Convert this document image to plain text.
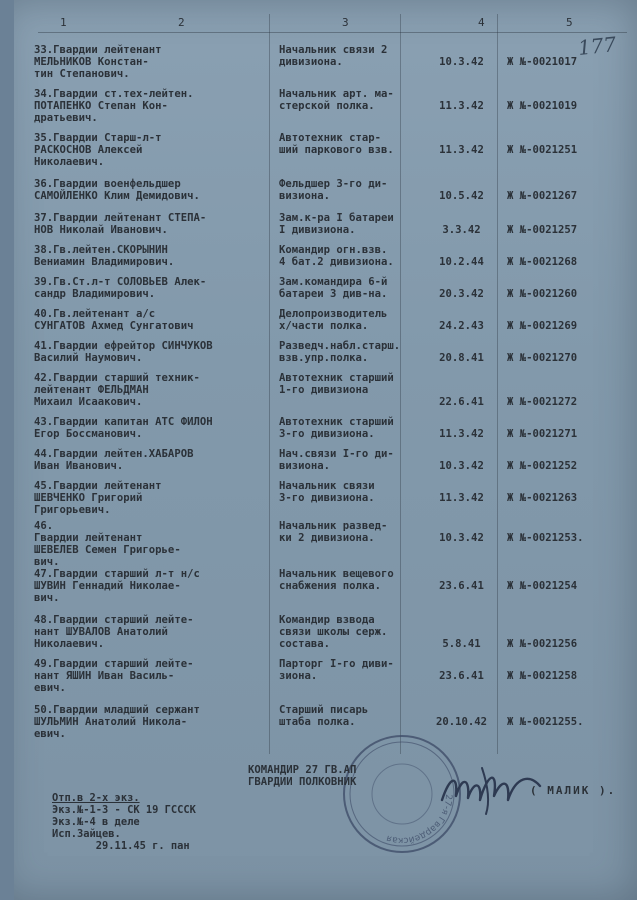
1	2	3	4	5
177
33.Гвардии лейтенант
МЕЛЬНИКОВ Констан-
тин Степанович.
Начальник связи 2
дивизиона.	10.3.42	Ж №-0021017
34.Гвардии ст.тех-лейтен.
ПОТАПЕНКО Степан Кон-
дратьевич.
Начальник арт. ма-
стерской полка.	11.3.42	Ж №-0021019
35.Гвардии Старш-л-т
РАСКОСНОВ Алексей
Николаевич.
Автотехник стар-
ший паркового взв.	11.3.42	Ж №-0021251
36.Гвардии военфельдшер
САМОЙЛЕНКО Клим Демидович.
Фельдшер 3-го ди-
визиона.	10.5.42	Ж №-0021267
37.Гвардии лейтенант СТЕПА-
НОВ Николай Иванович.
Зам.к-ра I батареи
I дивизиона.	3.3.42	Ж №-0021257
38.Гв.лейтен.СКОРЫНИН
Вениамин Владимирович.
Командир огн.взв.
4 бат.2 дивизиона.	10.2.44	Ж №-0021268
39.Гв.Ст.л-т СОЛОВЬЕВ Алек-
сандр Владимирович.
Зам.командира 6-й
батареи 3 див-на.	20.3.42	Ж №-0021260
40.Гв.лейтенант а/с
СУНГАТОВ Ахмед Сунгатович
Делопроизводитель
х/части полка.	24.2.43	Ж №-0021269
41.Гвардии ефрейтор СИНЧУКОВ
Василий Наумович.
Разведч.набл.старш.
взв.упр.полка.	20.8.41	Ж №-0021270
42.Гвардии старший техник-
лейтенант ФЕЛЬДМАН
Михаил Исаакович.
Автотехник старший
1-го дивизиона
22.6.41	Ж №-0021272
43.Гвардии капитан АТС ФИЛОН
Егор Боссманович.
Автотехник старший
3-го дивизиона.	11.3.42	Ж №-0021271
44.Гвардии лейтен.ХАБАРОВ
Иван Иванович.
Нач.связи I-го ди-
визиона.	10.3.42	Ж №-0021252
45.Гвардии лейтенант
ШЕВЧЕНКО Григорий
Григорьевич.
Начальник связи
3-го дивизиона.	11.3.42	Ж №-0021263
46.
Гвардии лейтенант
ШЕВЕЛЕВ Семен Григорье-
вич.
Начальник развед-
ки 2 дивизиона.	10.3.42	Ж №-0021253.
47.Гвардии старший л-т н/с
ШУВИН Геннадий Николае-
вич.
Начальник вещевого
снабжения полка.	23.6.41	Ж №-0021254
48.Гвардии старший лейте-
нант ШУВАЛОВ Анатолий
Николаевич.
Командир взвода
связи школы серж.
состава.	5.8.41	Ж №-0021256
49.Гвардии старший лейте-
нант ЯШИН Иван Василь-
евич.
Парторг I-го диви-
зиона.	23.6.41	Ж №-0021258
50.Гвардии младший сержант
ШУЛЬМИН Анатолий Никола-
евич.
Старший писарь
штаба полка.	20.10.42	Ж №-0021255.
27-я Гвардейская
КОМАНДИР 27 ГВ.АП
ГВАРДИИ ПОЛКОВНИК
( МАЛИК ).
Отп.в 2-х экз.
Экз.№-1-3 - СК 19 ГСССК
Экз.№-4 в деле
Исп.Зайцев.
29.11.45 г. пан
